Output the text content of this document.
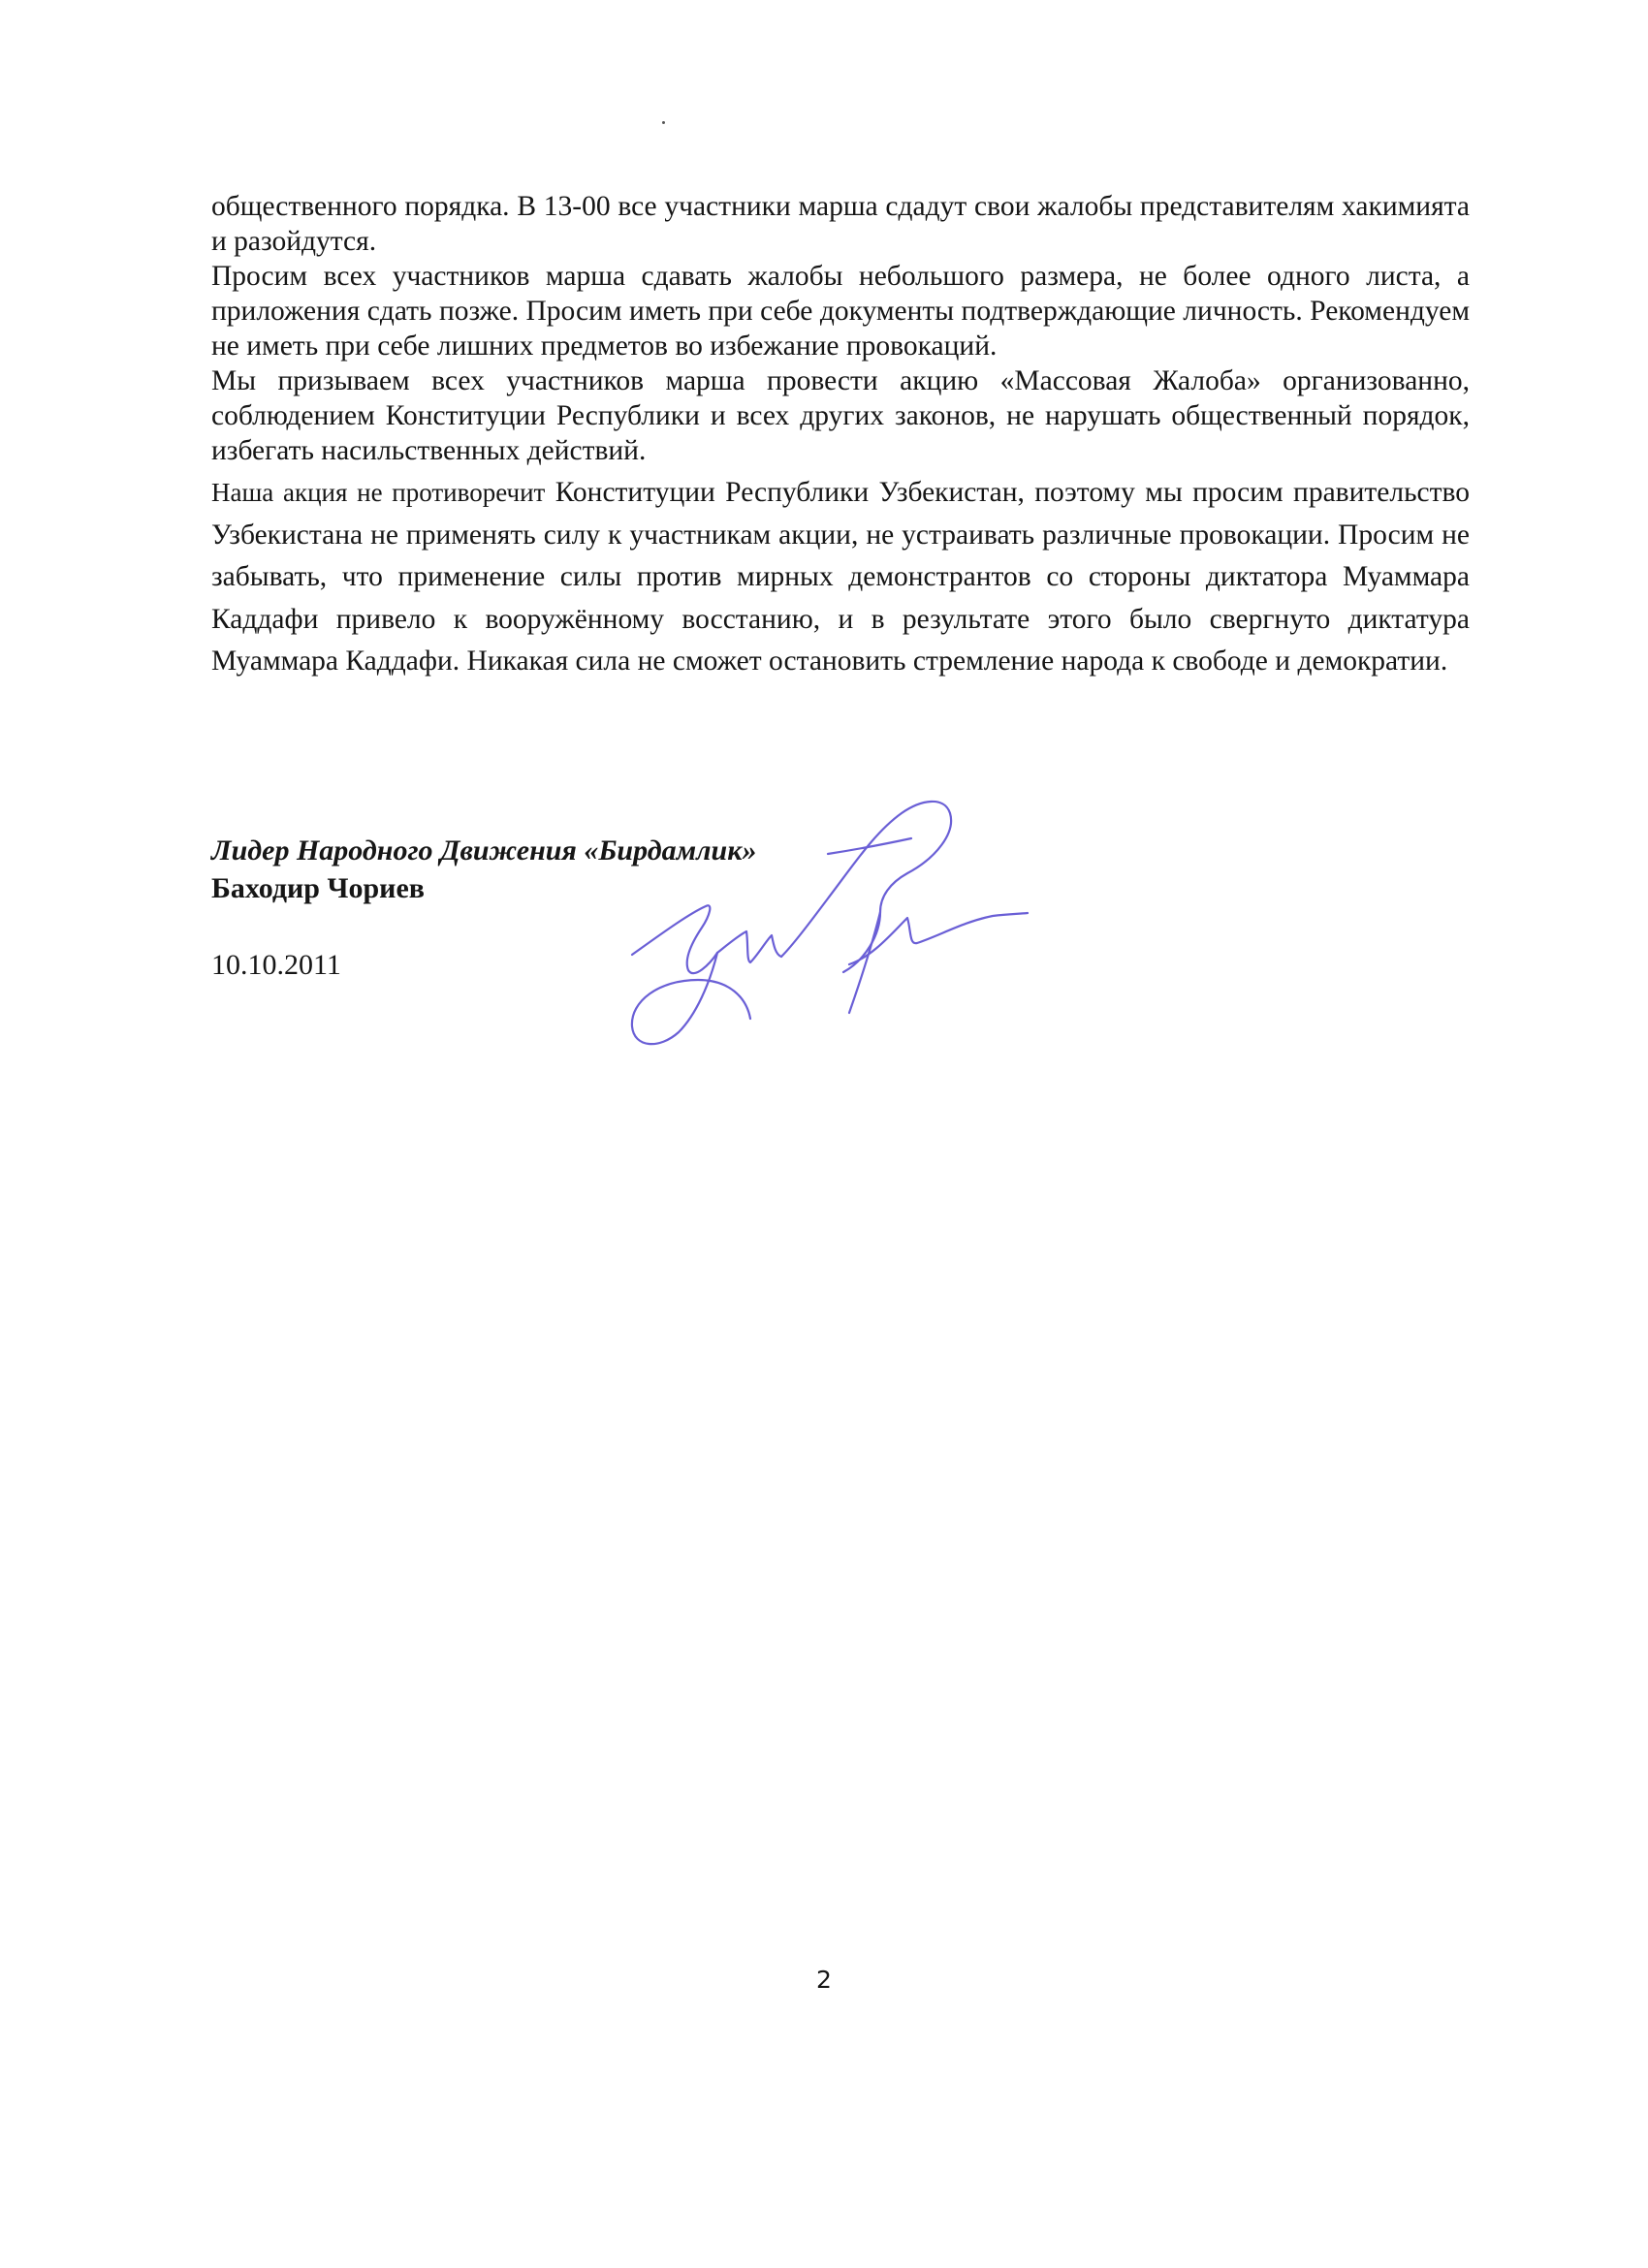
общественного порядка. В 13-00 все участники марша сдадут свои жалобы представителям хакимията и разойдутся.

Просим всех участников марша сдавать жалобы небольшого размера, не более одного листа, а приложения сдать позже. Просим иметь при себе документы подтверждающие личность. Рекомендуем не иметь при себе лишних предметов во избежание провокаций.

Мы призываем всех участников марша провести акцию «Массовая Жалоба» организованно, соблюдением Конституции Республики и всех других законов, не нарушать общественный порядок, избегать насильственных действий.

Наша акция не противоречит Конституции Республики Узбекистан, поэтому мы просим правительство Узбекистана не применять силу к участникам акции, не устраивать различные провокации. Просим не забывать, что применение силы против мирных демонстрантов со стороны диктатора Муаммара Каддафи привело к вооружённому восстанию, и в результате этого было свергнуто диктатура Муаммара Каддафи. Никакая сила не сможет остановить стремление народа к свободе и демократии.

Лидер Народного Движения «Бирдамлик»
Баходир Чориев
10.10.2011
2
